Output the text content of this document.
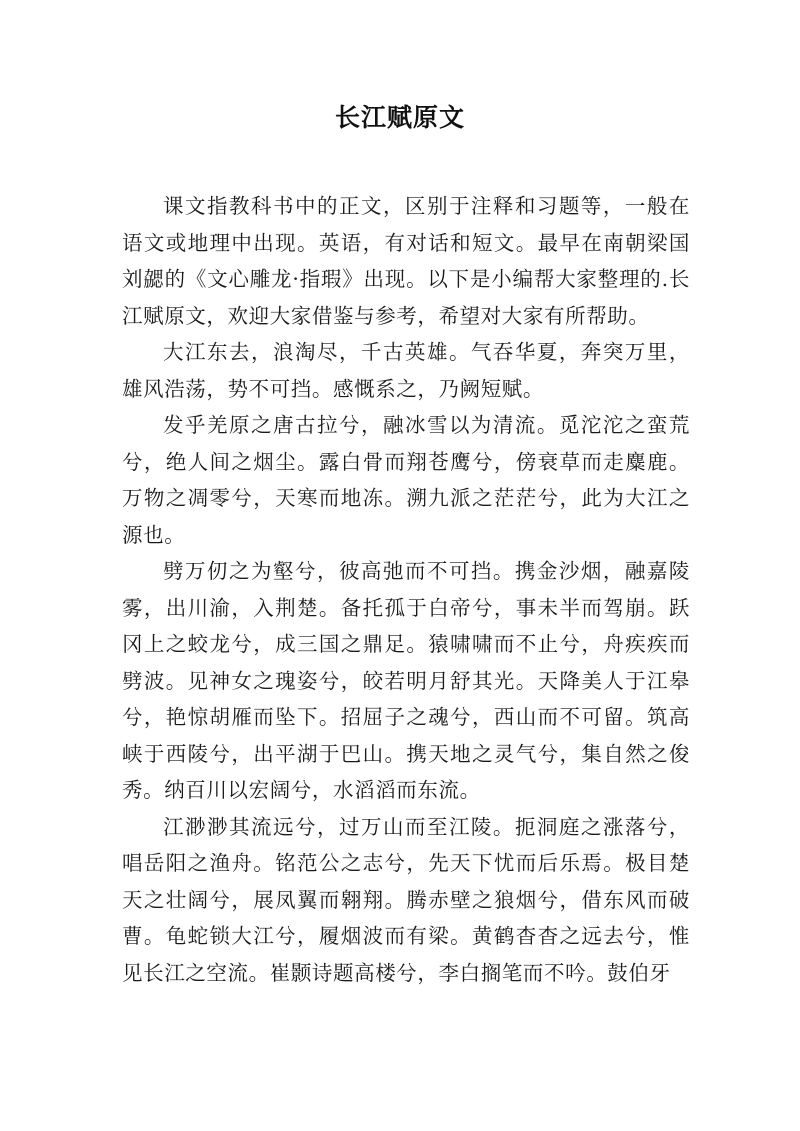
长江赋原文

课文指教科书中的正文，区别于注释和习题等，一般在语文或地理中出现。英语，有对话和短文。最早在南朝梁国刘勰的《文心雕龙·指瑕》出现。以下是小编帮大家整理的.长江赋原文，欢迎大家借鉴与参考，希望对大家有所帮助。

大江东去，浪淘尽，千古英雄。气吞华夏，奔突万里，雄风浩荡，势不可挡。感慨系之，乃阙短赋。

发乎羌原之唐古拉兮，融冰雪以为清流。觅沱沱之蛮荒兮，绝人间之烟尘。露白骨而翔苍鹰兮，傍衰草而走麋鹿。万物之凋零兮，天寒而地冻。溯九派之茫茫兮，此为大江之源也。

劈万仞之为壑兮，彼高弛而不可挡。携金沙烟，融嘉陵雾，出川渝，入荆楚。备托孤于白帝兮，事未半而驾崩。跃冈上之蛟龙兮，成三国之鼎足。猿啸啸而不止兮，舟疾疾而劈波。见神女之瑰姿兮，皎若明月舒其光。天降美人于江皋兮，艳惊胡雁而坠下。招屈子之魂兮，西山而不可留。筑高峡于西陵兮，出平湖于巴山。携天地之灵气兮，集自然之俊秀。纳百川以宏阔兮，水滔滔而东流。

江渺渺其流远兮，过万山而至江陵。扼洞庭之涨落兮，唱岳阳之渔舟。铭范公之志兮，先天下忧而后乐焉。极目楚天之壮阔兮，展凤翼而翱翔。腾赤壁之狼烟兮，借东风而破曹。龟蛇锁大江兮，履烟波而有梁。黄鹤杳杳之远去兮，惟见长江之空流。崔颢诗题高楼兮，李白搁笔而不吟。鼓伯牙
